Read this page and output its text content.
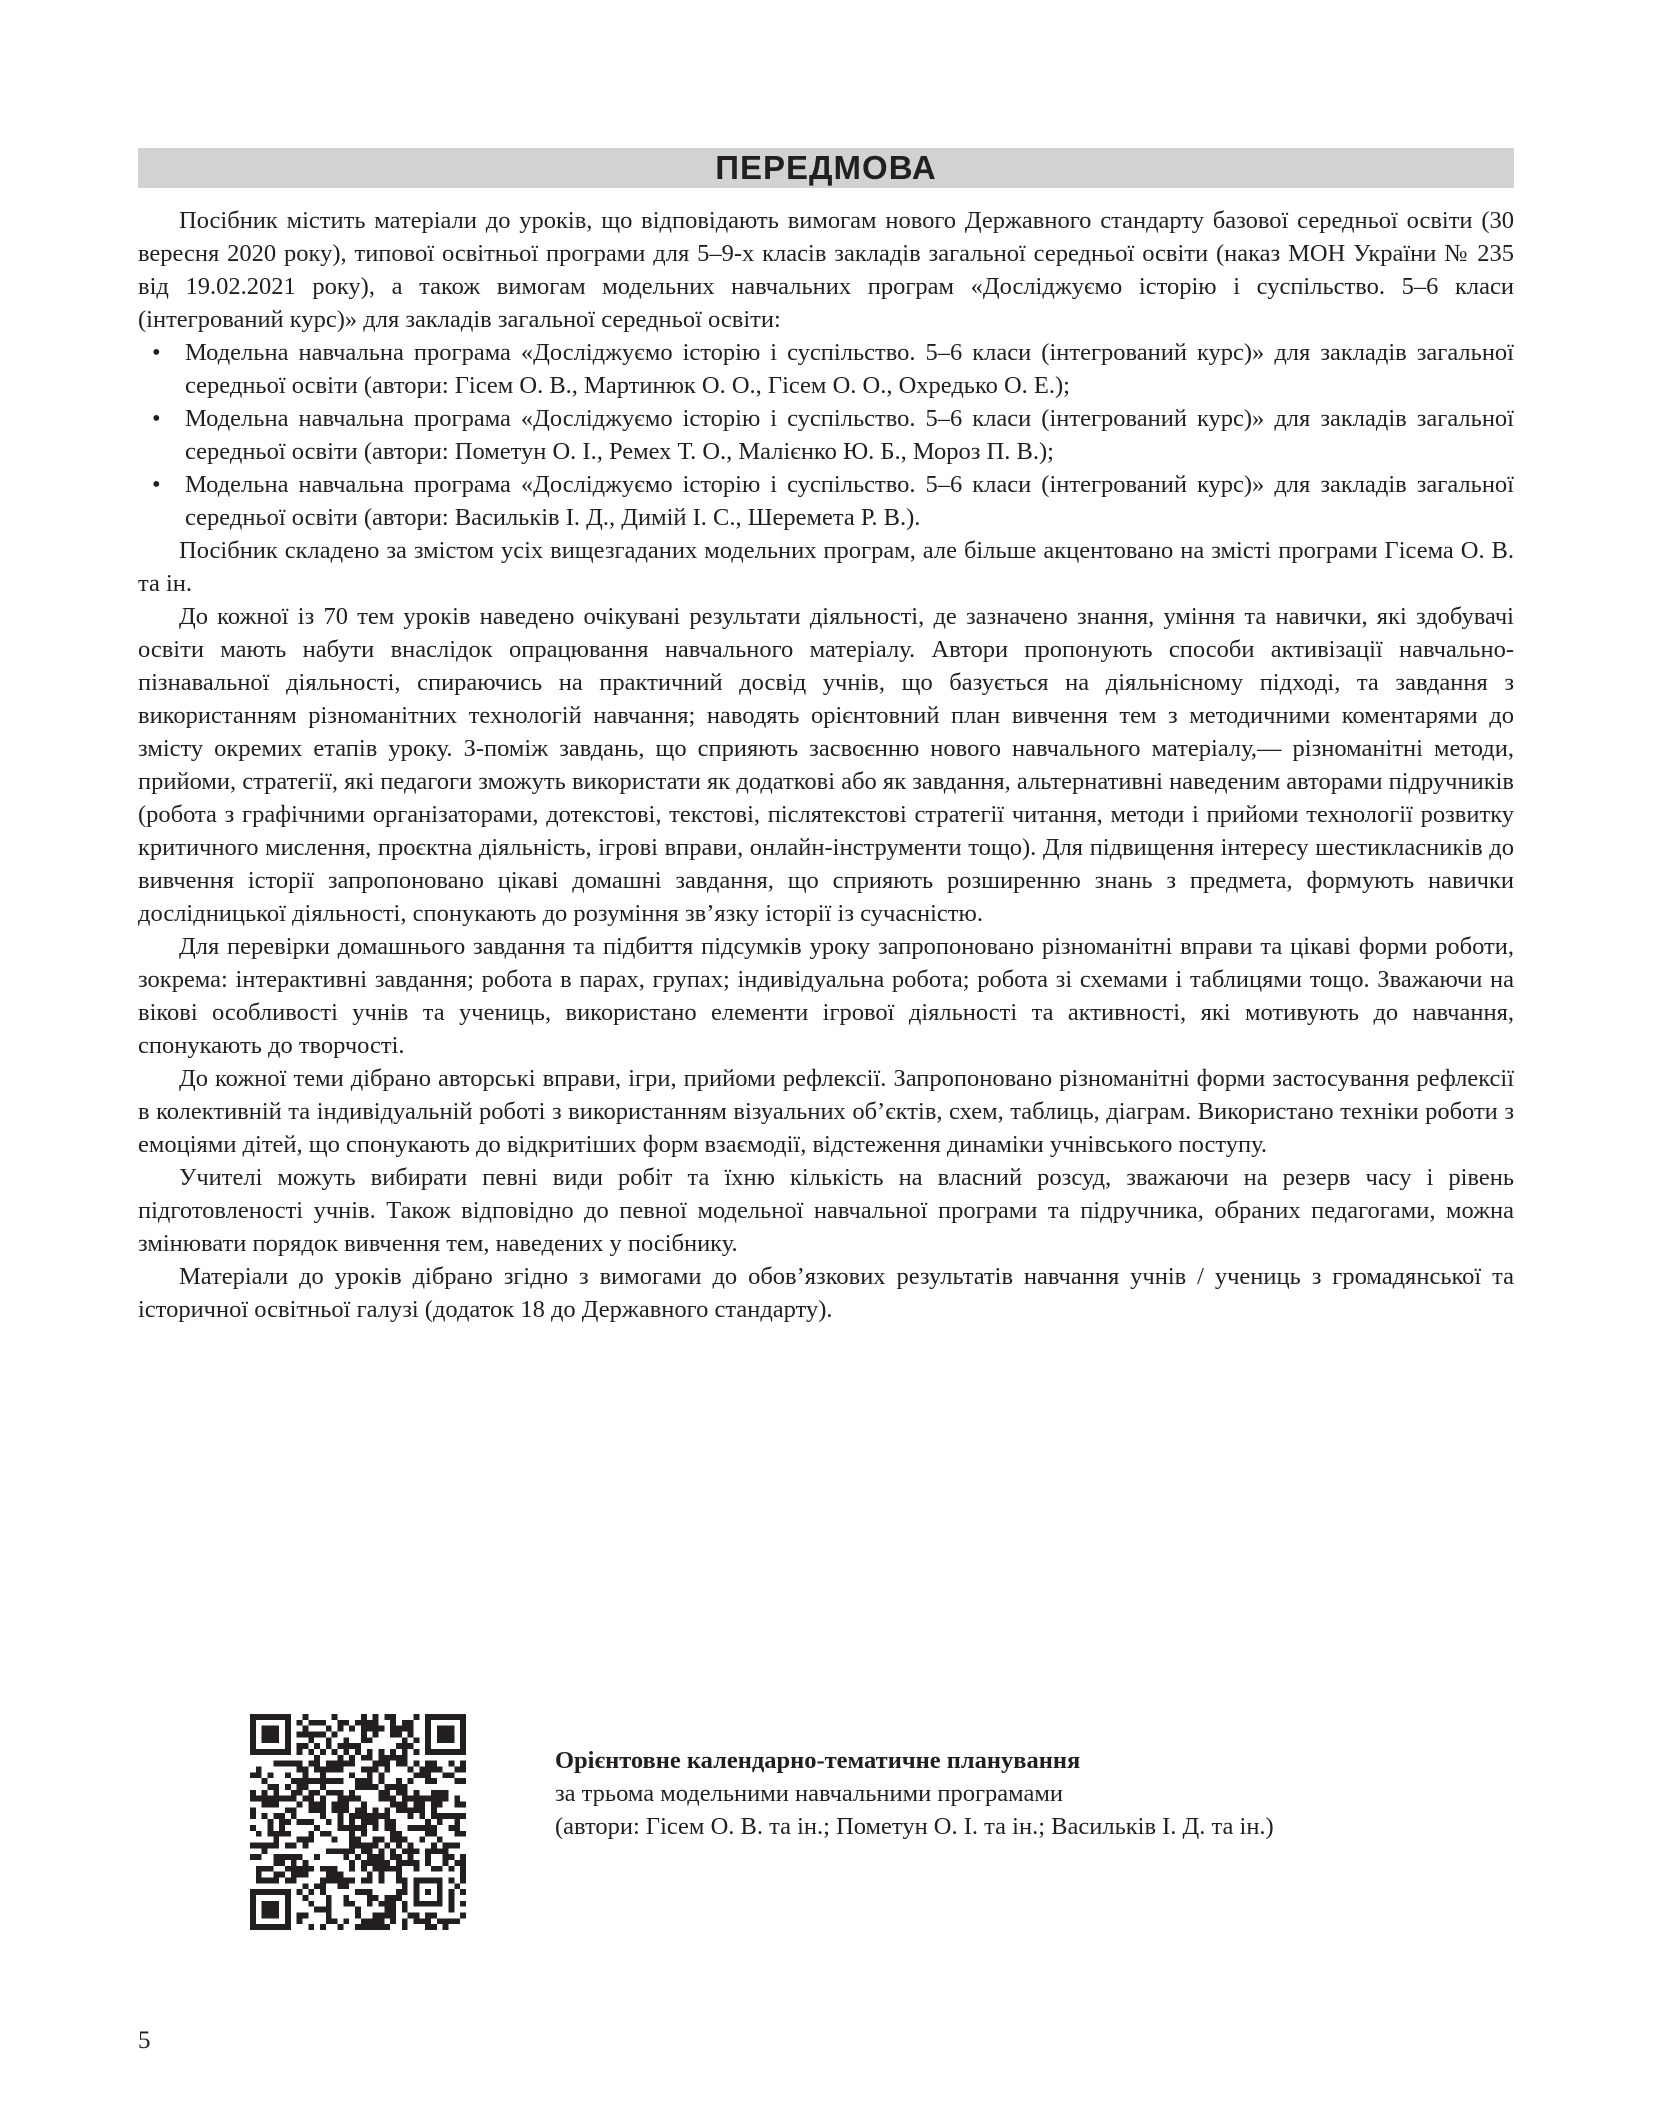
ПЕРЕДМОВА

Посібник містить матеріали до уроків, що відповідають вимогам нового Державного стандарту базової середньої освіти (30 вересня 2020 року), типової освітньої програми для 5–9-х класів закладів загальної середньої освіти (наказ МОН України № 235 від 19.02.2021 року), а також вимогам модельних навчальних програм «Досліджуємо історію і суспільство. 5–6 класи (інтегрований курс)» для закладів загальної середньої освіти:

• Модельна навчальна програма «Досліджуємо історію і суспільство. 5–6 класи (інтегрований курс)» для закладів загальної середньої освіти (автори: Гісем О. В., Мартинюк О. О., Гісем О. О., Охредько О. Е.);
• Модельна навчальна програма «Досліджуємо історію і суспільство. 5–6 класи (інтегрований курс)» для закладів загальної середньої освіти (автори: Пометун О. І., Ремех Т. О., Малієнко Ю. Б., Мороз П. В.);
• Модельна навчальна програма «Досліджуємо історію і суспільство. 5–6 класи (інтегрований курс)» для закладів загальної середньої освіти (автори: Васильків І. Д., Димій І. С., Шеремета Р. В.).

Посібник складено за змістом усіх вищезгаданих модельних програм, але більше акцентовано на змісті програми Гісема О. В. та ін.

До кожної із 70 тем уроків наведено очікувані результати діяльності, де зазначено знання, уміння та навички, які здобувачі освіти мають набути внаслідок опрацювання навчального матеріалу. Автори пропонують способи активізації навчально-пізнавальної діяльності, спираючись на практичний досвід учнів, що базується на діяльнісному підході, та завдання з використанням різноманітних технологій навчання; наводять орієнтовний план вивчення тем з методичними коментарями до змісту окремих етапів уроку. З-поміж завдань, що сприяють засвоєнню нового навчального матеріалу,— різноманітні методи, прийоми, стратегії, які педагоги зможуть використати як додаткові або як завдання, альтернативні наведеним авторами підручників (робота з графічними організаторами, дотекстові, текстові, післятекстові стратегії читання, методи і прийоми технології розвитку критичного мислення, проєктна діяльність, ігрові вправи, онлайн-інструменти тощо). Для підвищення інтересу шестикласників до вивчення історії запропоновано цікаві домашні завдання, що сприяють розширенню знань з предмета, формують навички дослідницької діяльності, спонукають до розуміння зв’язку історії із сучасністю.

Для перевірки домашнього завдання та підбиття підсумків уроку запропоновано різноманітні вправи та цікаві форми роботи, зокрема: інтерактивні завдання; робота в парах, групах; індивідуальна робота; робота зі схемами і таблицями тощо. Зважаючи на вікові особливості учнів та учениць, використано елементи ігрової діяльності та активності, які мотивують до навчання, спонукають до творчості.

До кожної теми дібрано авторські вправи, ігри, прийоми рефлексії. Запропоновано різноманітні форми застосування рефлексії в колективній та індивідуальній роботі з використанням візуальних об’єктів, схем, таблиць, діаграм. Використано техніки роботи з емоціями дітей, що спонукають до відкритіших форм взаємодії, відстеження динаміки учнівського поступу.

Учителі можуть вибирати певні види робіт та їхню кількість на власний розсуд, зважаючи на резерв часу і рівень підготовленості учнів. Також відповідно до певної модельної навчальної програми та підручника, обраних педагогами, можна змінювати порядок вивчення тем, наведених у посібнику.

Матеріали до уроків дібрано згідно з вимогами до обов’язкових результатів навчання учнів / учениць з громадянської та історичної освітньої галузі (додаток 18 до Державного стандарту).

Орієнтовне календарно-тематичне планування
за трьома модельними навчальними програмами
(автори: Гісем О. В. та ін.; Пометун О. І. та ін.; Васильків І. Д. та ін.)
5
